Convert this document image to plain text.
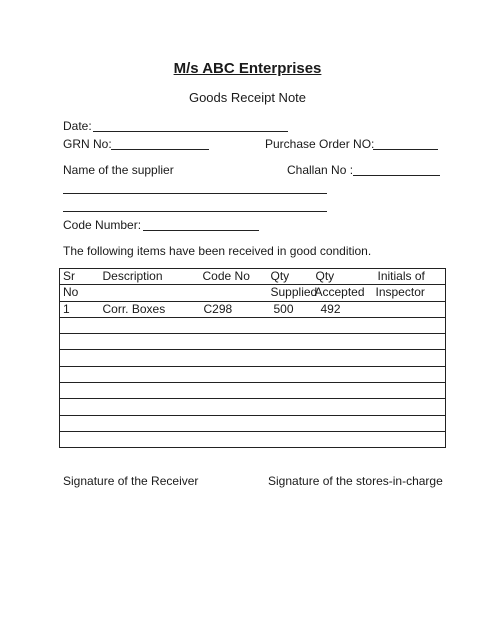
M/s ABC Enterprises
Goods Receipt Note
Date:
GRN No:	Purchase Order NO:
Name of the supplier	Challan No :
Code Number:
The following items have been received in good condition.
Sr	Description	Code No	Qty	Qty	Initials of
No			Supplied	Accepted	Inspector
1	Corr. Boxes	C298	500	492	

Signature of the Receiver	Signature of the stores-in-charge
